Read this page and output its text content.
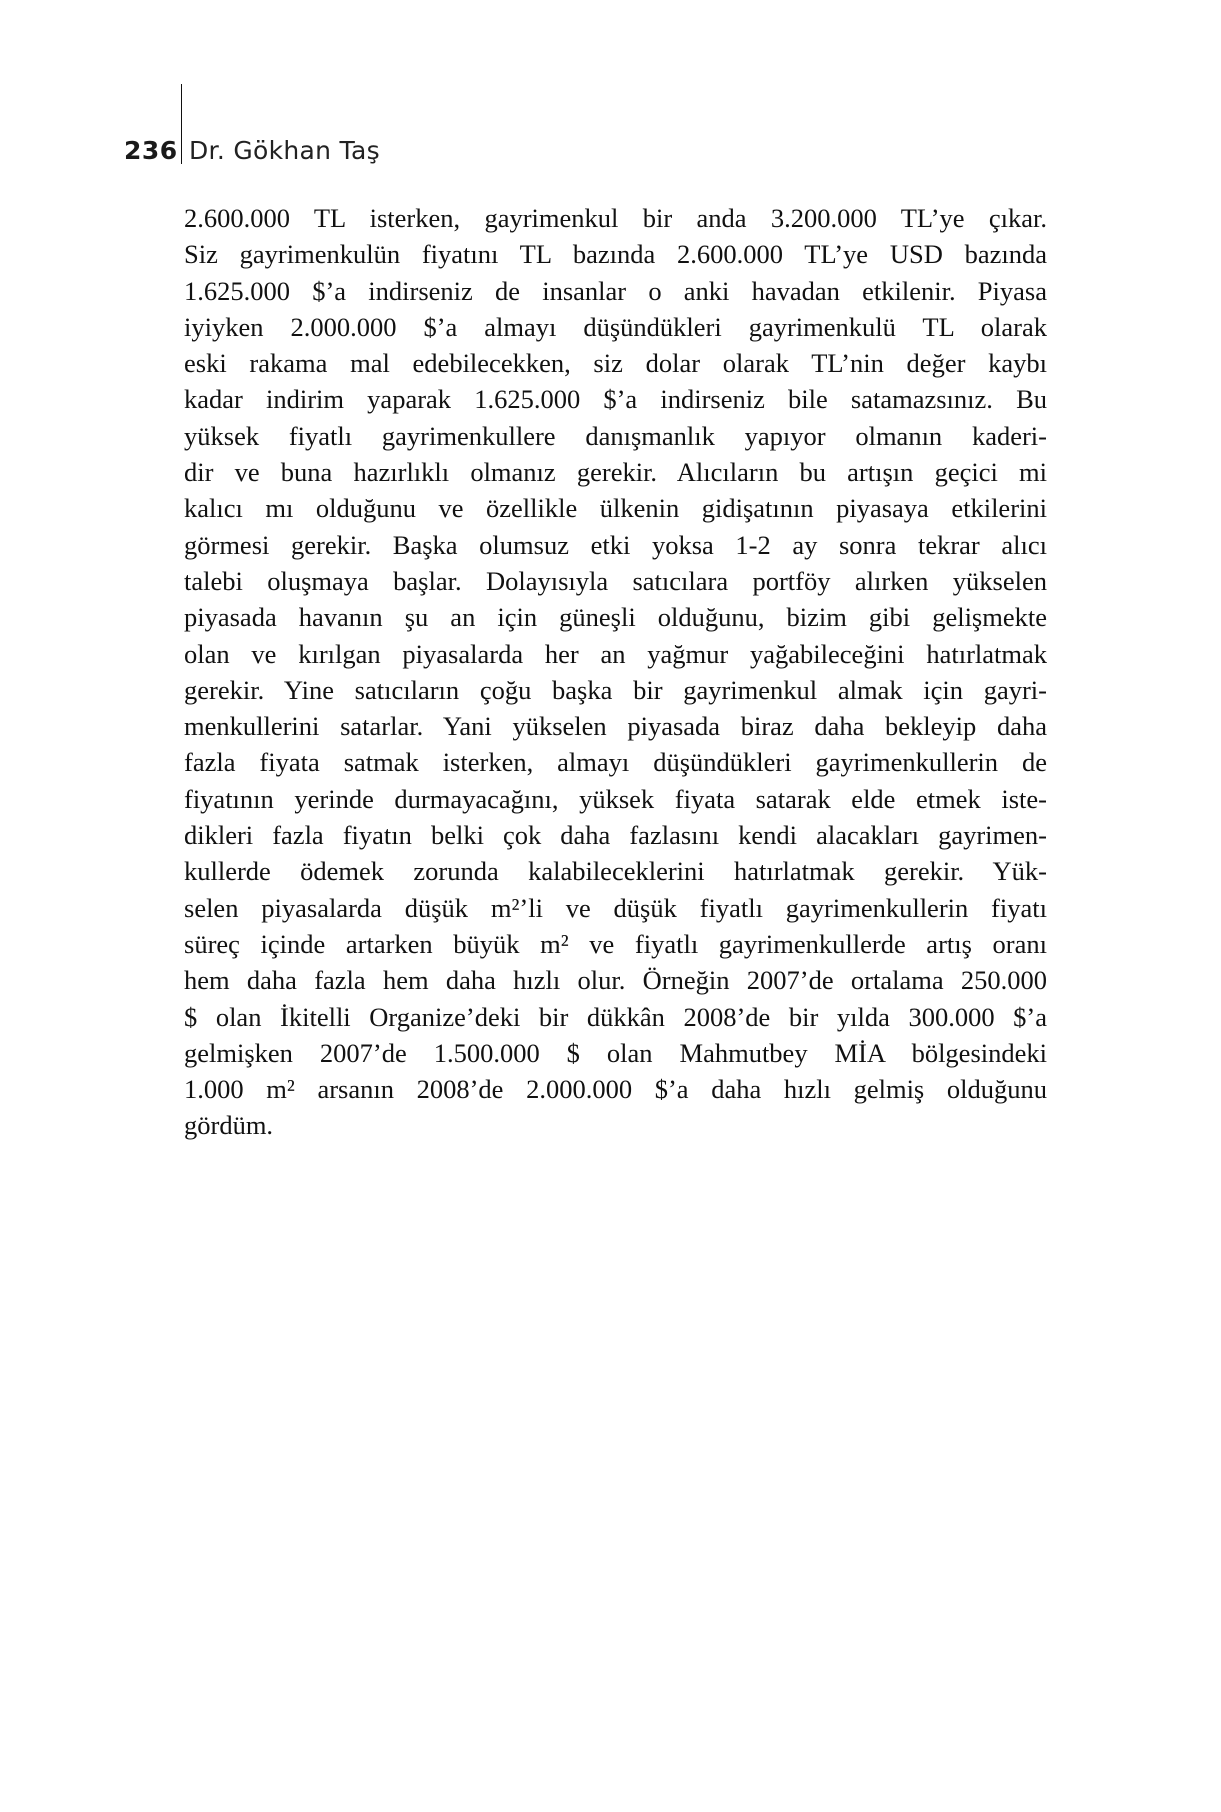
236 Dr. Gökhan Taş
2.600.000 TL isterken, gayrimenkul bir anda 3.200.000 TL’ye çıkar.
Siz gayrimenkulün fiyatını TL bazında 2.600.000 TL’ye USD bazında
1.625.000 $’a indirseniz de insanlar o anki havadan etkilenir. Piyasa
iyiyken 2.000.000 $’a almayı düşündükleri gayrimenkulü TL olarak
eski rakama mal edebilecekken, siz dolar olarak TL’nin değer kaybı
kadar indirim yaparak 1.625.000 $’a indirseniz bile satamazsınız. Bu
yüksek fiyatlı gayrimenkullere danışmanlık yapıyor olmanın kaderi-
dir ve buna hazırlıklı olmanız gerekir. Alıcıların bu artışın geçici mi
kalıcı mı olduğunu ve özellikle ülkenin gidişatının piyasaya etkilerini
görmesi gerekir. Başka olumsuz etki yoksa 1-2 ay sonra tekrar alıcı
talebi oluşmaya başlar. Dolayısıyla satıcılara portföy alırken yükselen
piyasada havanın şu an için güneşli olduğunu, bizim gibi gelişmekte
olan ve kırılgan piyasalarda her an yağmur yağabileceğini hatırlatmak
gerekir. Yine satıcıların çoğu başka bir gayrimenkul almak için gayri-
menkullerini satarlar. Yani yükselen piyasada biraz daha bekleyip daha
fazla fiyata satmak isterken, almayı düşündükleri gayrimenkullerin de
fiyatının yerinde durmayacağını, yüksek fiyata satarak elde etmek iste-
dikleri fazla fiyatın belki çok daha fazlasını kendi alacakları gayrimen-
kullerde ödemek zorunda kalabileceklerini hatırlatmak gerekir. Yük-
selen piyasalarda düşük m²’li ve düşük fiyatlı gayrimenkullerin fiyatı
süreç içinde artarken büyük m² ve fiyatlı gayrimenkullerde artış oranı
hem daha fazla hem daha hızlı olur. Örneğin 2007’de ortalama 250.000
$ olan İkitelli Organize’deki bir dükkân 2008’de bir yılda 300.000 $’a
gelmişken 2007’de 1.500.000 $ olan Mahmutbey MİA bölgesindeki
1.000 m² arsanın 2008’de 2.000.000 $’a daha hızlı gelmiş olduğunu
gördüm.
